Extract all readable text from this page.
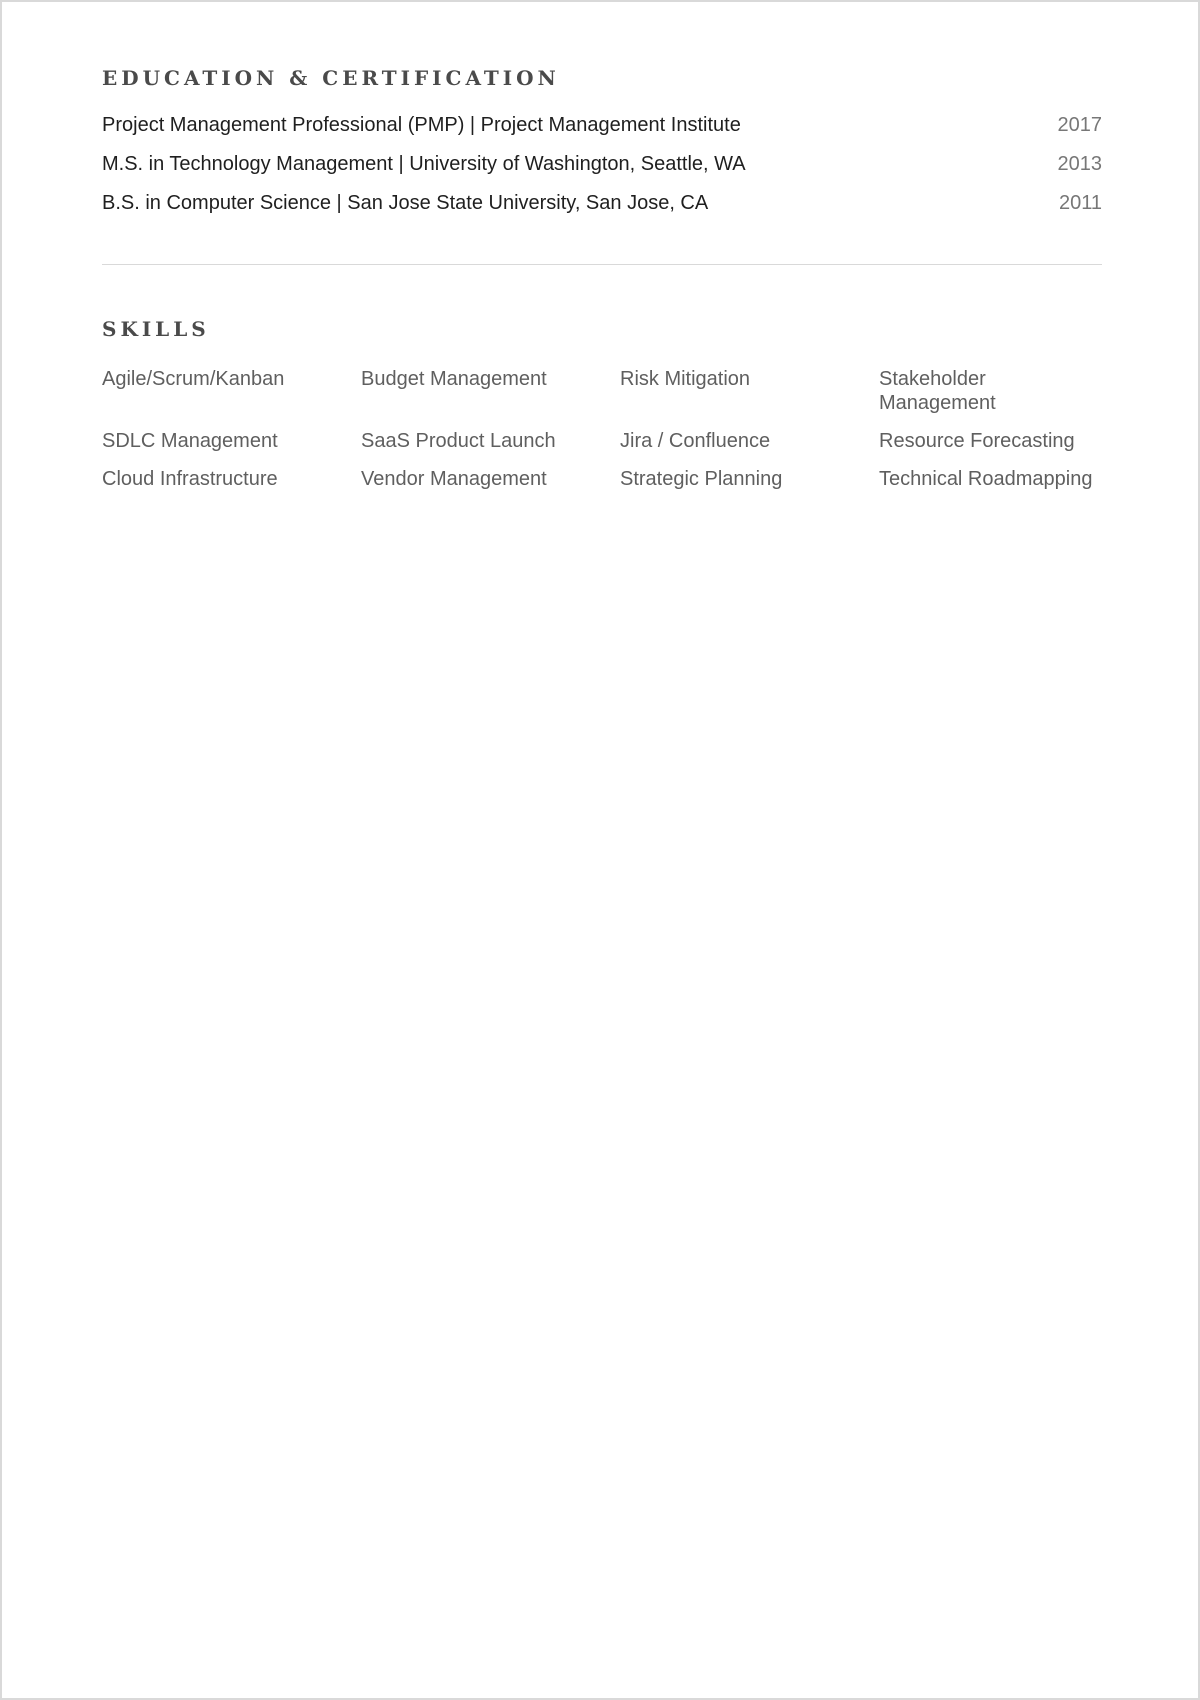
EDUCATION & CERTIFICATION
Project Management Professional (PMP) | Project Management Institute	2017
M.S. in Technology Management | University of Washington, Seattle, WA	2013
B.S. in Computer Science | San Jose State University, San Jose, CA	2011
SKILLS
Agile/Scrum/Kanban	Budget Management	Risk Mitigation	Stakeholder Management
SDLC Management	SaaS Product Launch	Jira / Confluence	Resource Forecasting
Cloud Infrastructure	Vendor Management	Strategic Planning	Technical Roadmapping
